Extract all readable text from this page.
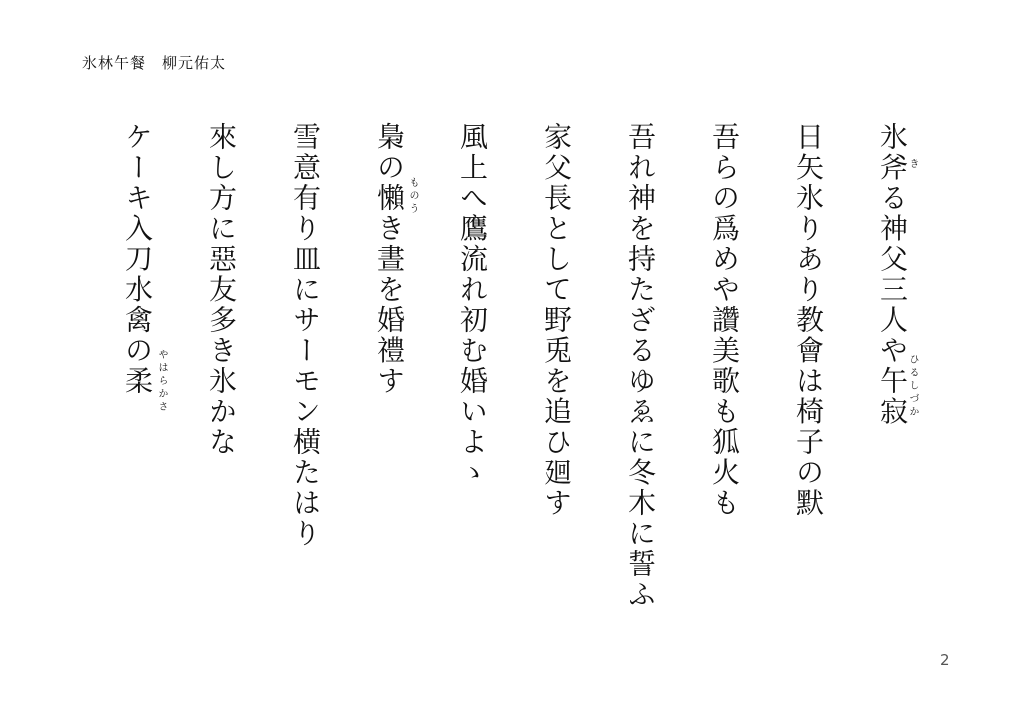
氷林午餐 柳元佑太
氷斧る神父三人や午寂
日矢氷りあり教會は椅子の默
吾らの爲めや讚美歌も狐火も
吾れ神を持たざるゆゑに冬木に誓ふ
家父長として野兎を追ひ廻す
風上へ鷹流れ初む婚いよゝ
梟の懶き晝を婚禮す
雪意有り皿にサーモン横たはり
來し方に惡友多き氷かな
ケーキ入刀水禽の柔	き
ひるしづか
ものう
やはらかさ
2
